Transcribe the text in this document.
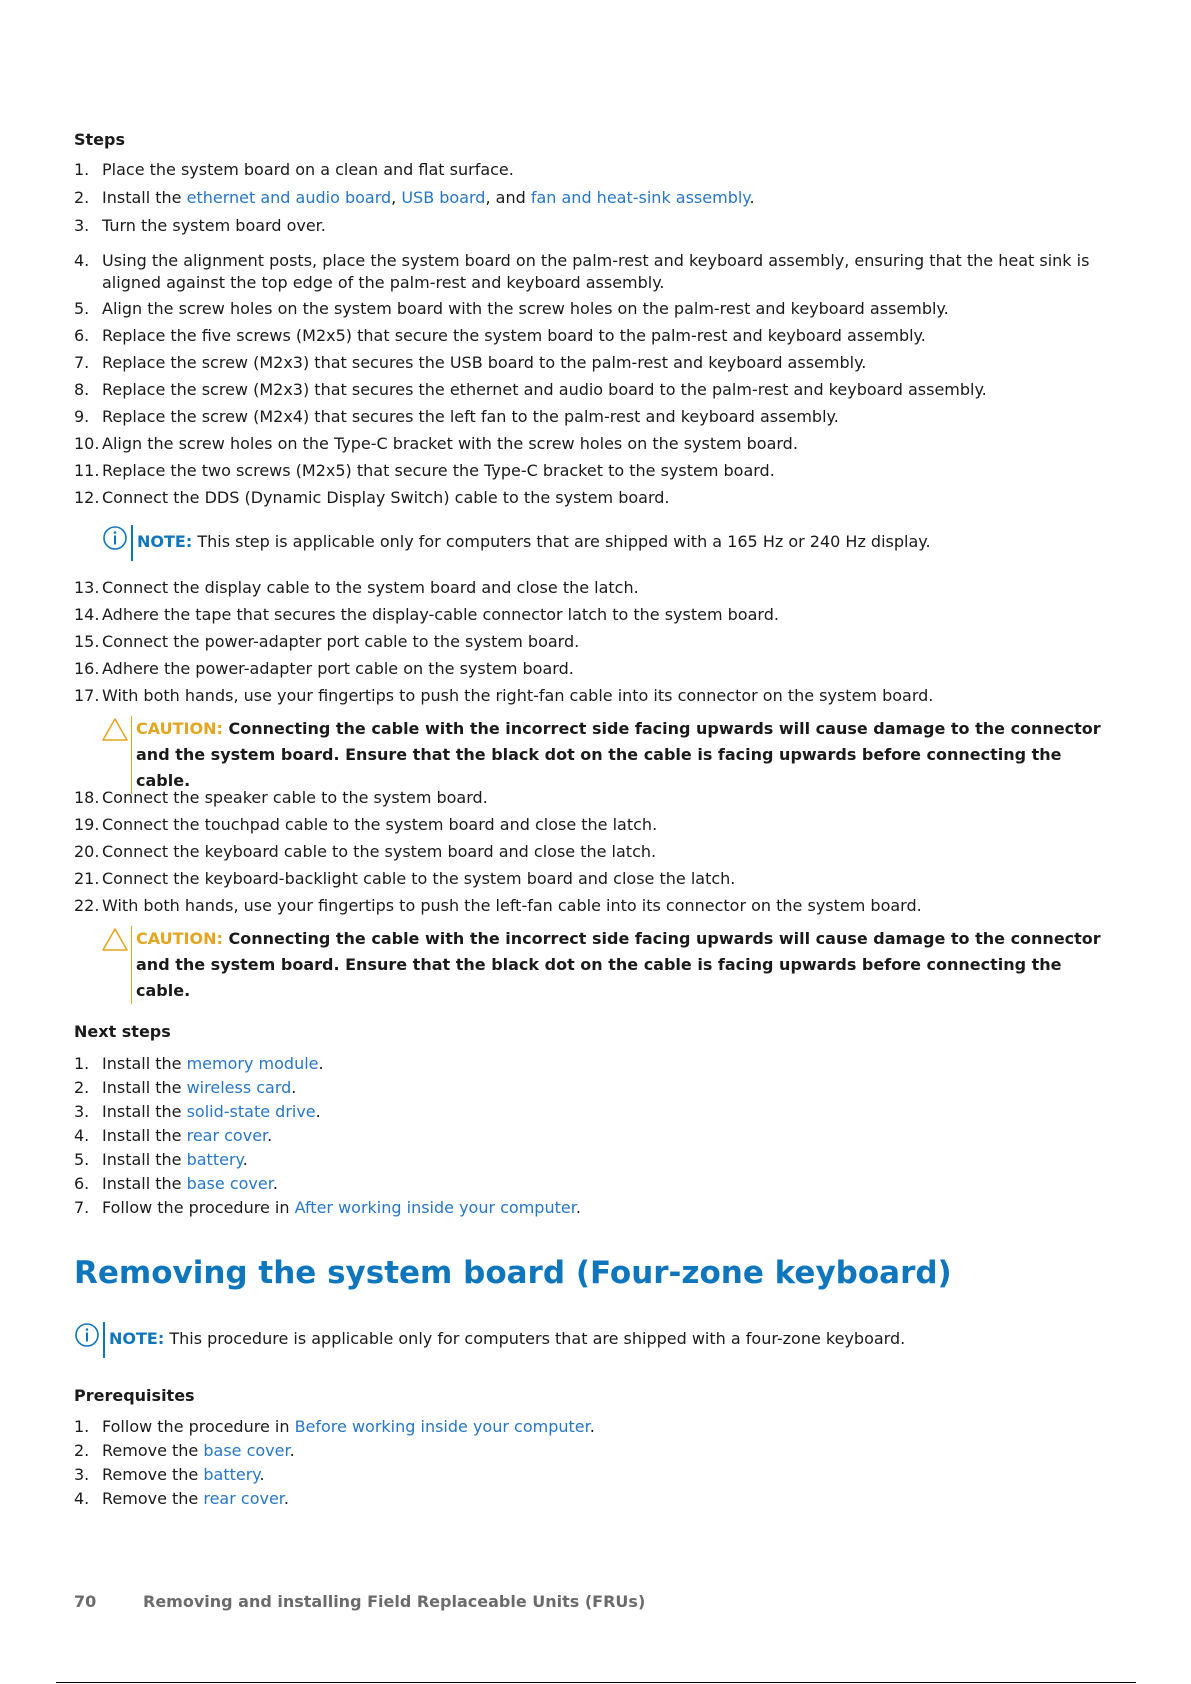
Steps
1. Place the system board on a clean and flat surface.
2. Install the ethernet and audio board, USB board, and fan and heat-sink assembly.
3. Turn the system board over.
4. Using the alignment posts, place the system board on the palm-rest and keyboard assembly, ensuring that the heat sink is aligned against the top edge of the palm-rest and keyboard assembly.
5. Align the screw holes on the system board with the screw holes on the palm-rest and keyboard assembly.
6. Replace the five screws (M2x5) that secure the system board to the palm-rest and keyboard assembly.
7. Replace the screw (M2x3) that secures the USB board to the palm-rest and keyboard assembly.
8. Replace the screw (M2x3) that secures the ethernet and audio board to the palm-rest and keyboard assembly.
9. Replace the screw (M2x4) that secures the left fan to the palm-rest and keyboard assembly.
10. Align the screw holes on the Type-C bracket with the screw holes on the system board.
11. Replace the two screws (M2x5) that secure the Type-C bracket to the system board.
12. Connect the DDS (Dynamic Display Switch) cable to the system board.
NOTE: This step is applicable only for computers that are shipped with a 165 Hz or 240 Hz display.
13. Connect the display cable to the system board and close the latch.
14. Adhere the tape that secures the display-cable connector latch to the system board.
15. Connect the power-adapter port cable to the system board.
16. Adhere the power-adapter port cable on the system board.
17. With both hands, use your fingertips to push the right-fan cable into its connector on the system board.
CAUTION: Connecting the cable with the incorrect side facing upwards will cause damage to the connector and the system board. Ensure that the black dot on the cable is facing upwards before connecting the cable.
18. Connect the speaker cable to the system board.
19. Connect the touchpad cable to the system board and close the latch.
20. Connect the keyboard cable to the system board and close the latch.
21. Connect the keyboard-backlight cable to the system board and close the latch.
22. With both hands, use your fingertips to push the left-fan cable into its connector on the system board.
CAUTION: Connecting the cable with the incorrect side facing upwards will cause damage to the connector and the system board. Ensure that the black dot on the cable is facing upwards before connecting the cable.
Next steps
1. Install the memory module.
2. Install the wireless card.
3. Install the solid-state drive.
4. Install the rear cover.
5. Install the battery.
6. Install the base cover.
7. Follow the procedure in After working inside your computer.
Removing the system board (Four-zone keyboard)
NOTE: This procedure is applicable only for computers that are shipped with a four-zone keyboard.
Prerequisites
1. Follow the procedure in Before working inside your computer.
2. Remove the base cover.
3. Remove the battery.
4. Remove the rear cover.
70	Removing and installing Field Replaceable Units (FRUs)
